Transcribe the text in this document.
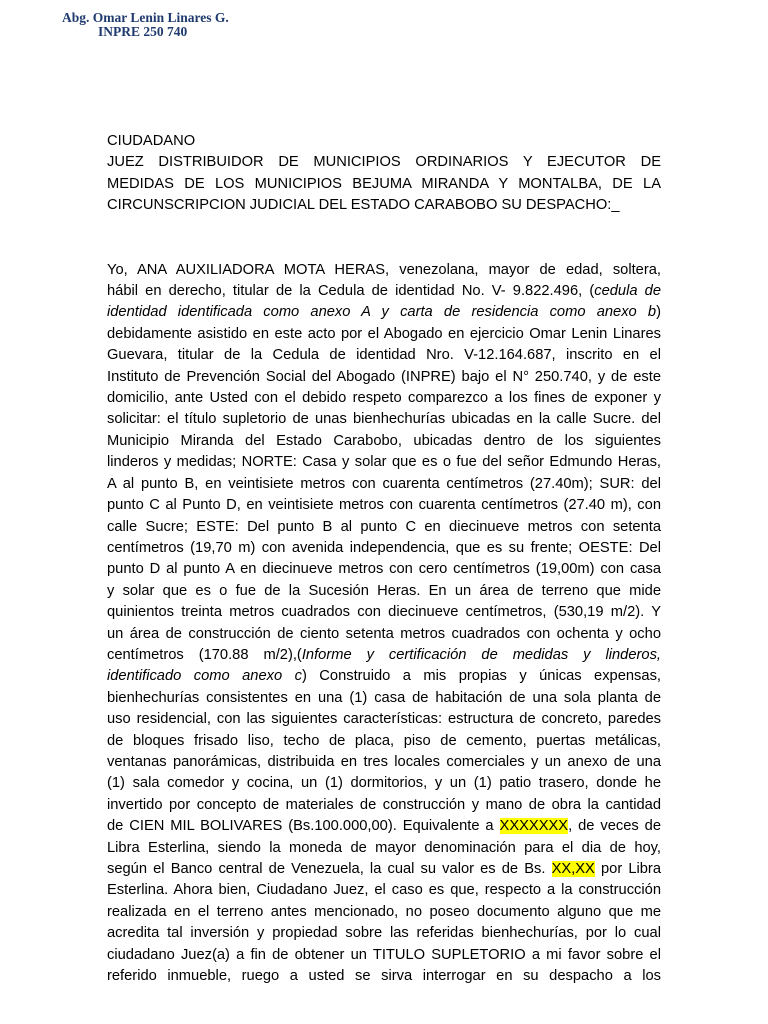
Abg. Omar Lenin Linares G.
INPRE 250 740
CIUDADANO
JUEZ DISTRIBUIDOR DE MUNICIPIOS ORDINARIOS Y EJECUTOR DE
MEDIDAS DE LOS MUNICIPIOS BEJUMA MIRANDA Y MONTALBA, DE LA
CIRCUNSCRIPCION JUDICIAL DEL ESTADO CARABOBO SU DESPACHO:_
Yo, ANA AUXILIADORA MOTA HERAS, venezolana, mayor de edad, soltera,
hábil en derecho, titular de la Cedula de identidad No. V- 9.822.496, (cedula de
identidad identificada como anexo A y carta de residencia como anexo b)
debidamente asistido en este acto por el Abogado en ejercicio Omar Lenin Linares
Guevara, titular de la Cedula de identidad Nro. V-12.164.687, inscrito en el
Instituto de Prevención Social del Abogado (INPRE) bajo el N° 250.740, y de este
domicilio, ante Usted con el debido respeto comparezco a los fines de exponer y
solicitar: el título supletorio de unas bienhechurías ubicadas en la calle Sucre. del
Municipio Miranda del Estado Carabobo, ubicadas dentro de los siguientes
linderos y medidas; NORTE: Casa y solar que es o fue del señor Edmundo Heras,
A al punto B, en veintisiete metros con cuarenta centímetros (27.40m); SUR: del
punto C al Punto D, en veintisiete metros con cuarenta centímetros (27.40 m), con
calle Sucre; ESTE: Del punto B al punto C en diecinueve metros con setenta
centímetros (19,70 m) con avenida independencia, que es su frente; OESTE: Del
punto D al punto A en diecinueve metros con cero centímetros (19,00m) con casa
y solar que es o fue de la Sucesión Heras. En un área de terreno que mide
quinientos treinta metros cuadrados con diecinueve centímetros, (530,19 m/2). Y
un área de construcción de ciento setenta metros cuadrados con ochenta y ocho
centímetros (170.88 m/2),(Informe y certificación de medidas y linderos,
identificado como anexo c) Construido a mis propias y únicas expensas,
bienhechurías consistentes en una (1) casa de habitación de una sola planta de
uso residencial, con las siguientes características: estructura de concreto, paredes
de bloques frisado liso, techo de placa, piso de cemento, puertas metálicas,
ventanas panorámicas, distribuida en tres locales comerciales y un anexo de una
(1) sala comedor y cocina, un (1) dormitorios, y un (1) patio trasero, donde he
invertido por concepto de materiales de construcción y mano de obra la cantidad
de CIEN MIL BOLIVARES (Bs.100.000,00). Equivalente a XXXXXXX, de veces de
Libra Esterlina, siendo la moneda de mayor denominación para el dia de hoy,
según el Banco central de Venezuela, la cual su valor es de Bs. XX,XX por Libra
Esterlina. Ahora bien, Ciudadano Juez, el caso es que, respecto a la construcción
realizada en el terreno antes mencionado, no poseo documento alguno que me
acredita tal inversión y propiedad sobre las referidas bienhechurías, por lo cual
ciudadano Juez(a) a fin de obtener un TITULO SUPLETORIO a mi favor sobre el
referido inmueble, ruego a usted se sirva interrogar en su despacho a los
